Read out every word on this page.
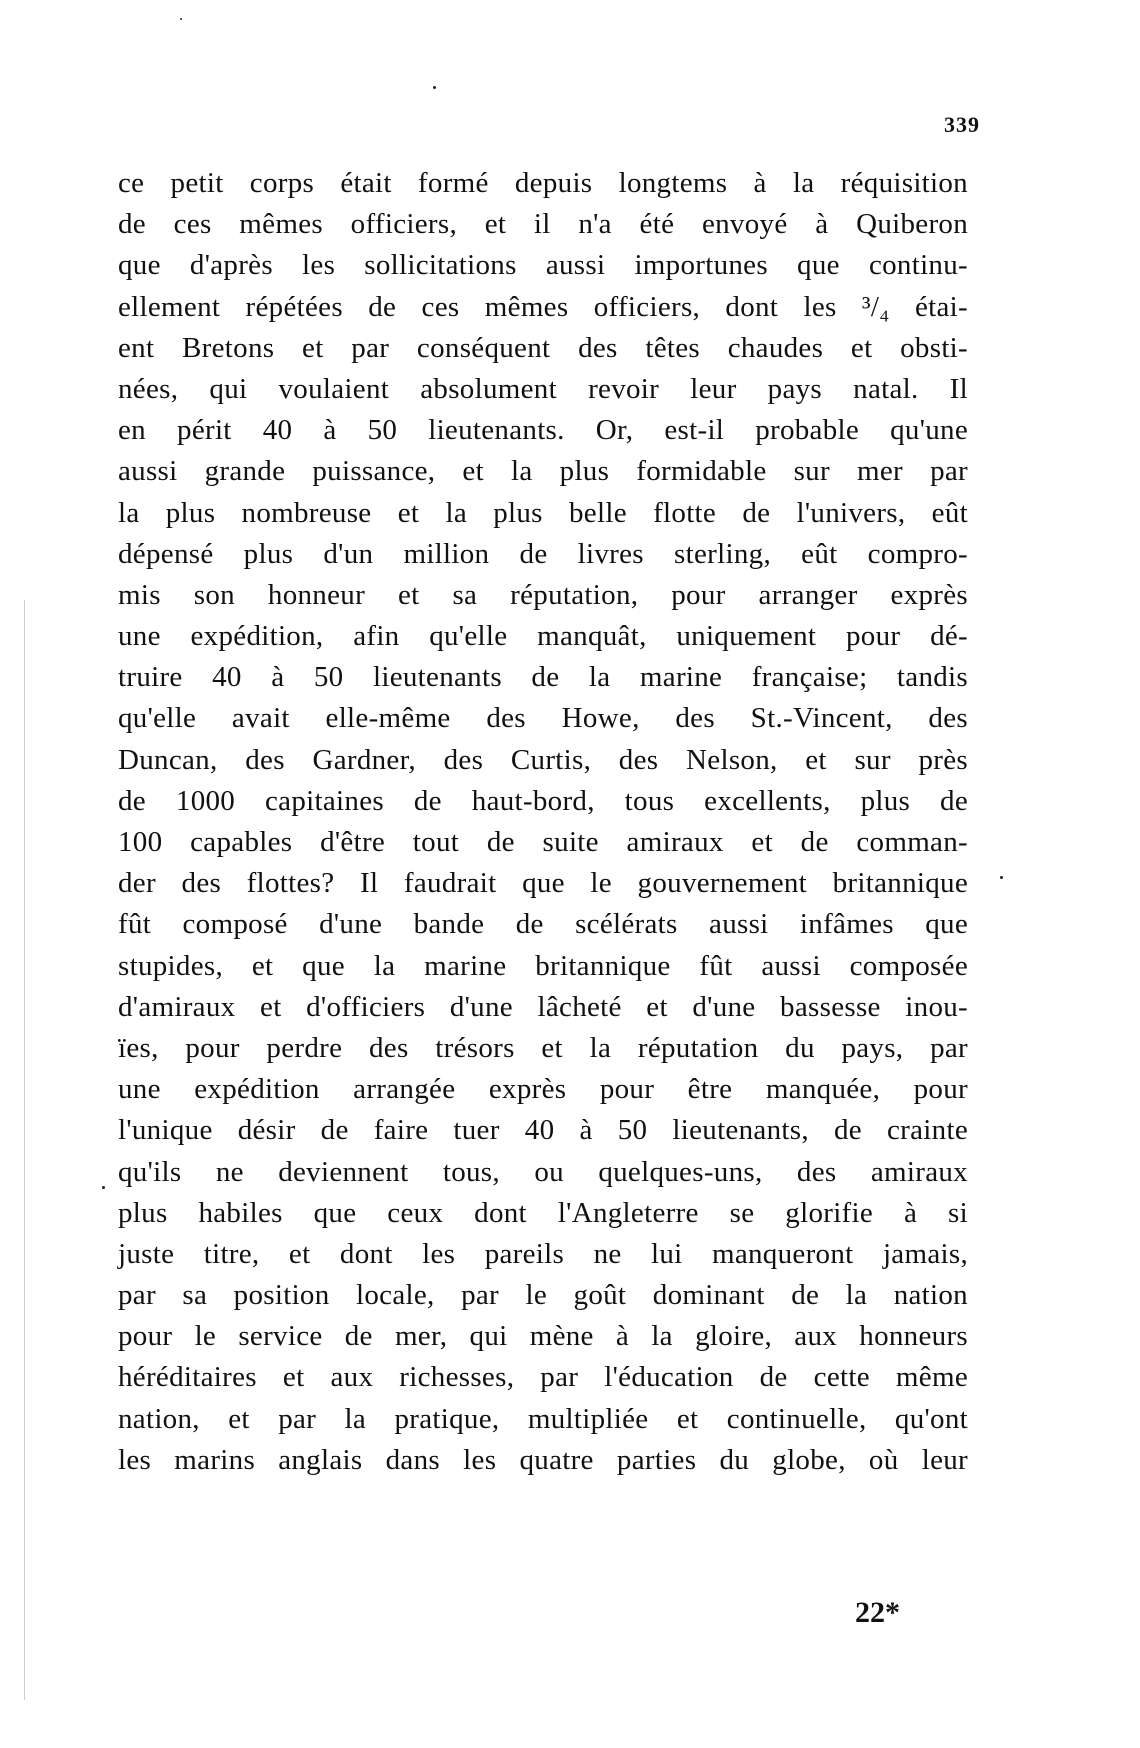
339
ce petit corps était formé depuis longtems à la réquisition
de ces mêmes officiers, et il n'a été envoyé à Quiberon
que d'après les sollicitations aussi importunes que continu-
ellement répétées de ces mêmes officiers, dont les ³/₄ étai-
ent Bretons et par conséquent des têtes chaudes et obsti-
nées, qui voulaient absolument revoir leur pays natal. Il
en périt 40 à 50 lieutenants. Or, est-il probable qu'une
aussi grande puissance, et la plus formidable sur mer par
la plus nombreuse et la plus belle flotte de l'univers, eût
dépensé plus d'un million de livres sterling, eût compro-
mis son honneur et sa réputation, pour arranger exprès
une expédition, afin qu'elle manquât, uniquement pour dé-
truire 40 à 50 lieutenants de la marine française; tandis
qu'elle avait elle-même des Howe, des St.-Vincent, des
Duncan, des Gardner, des Curtis, des Nelson, et sur près
de 1000 capitaines de haut-bord, tous excellents, plus de
100 capables d'être tout de suite amiraux et de comman-
der des flottes? Il faudrait que le gouvernement britannique
fût composé d'une bande de scélérats aussi infâmes que
stupides, et que la marine britannique fût aussi composée
d'amiraux et d'officiers d'une lâcheté et d'une bassesse inou-
ïes, pour perdre des trésors et la réputation du pays, par
une expédition arrangée exprès pour être manquée, pour
l'unique désir de faire tuer 40 à 50 lieutenants, de crainte
qu'ils ne deviennent tous, ou quelques-uns, des amiraux
plus habiles que ceux dont l'Angleterre se glorifie à si
juste titre, et dont les pareils ne lui manqueront jamais,
par sa position locale, par le goût dominant de la nation
pour le service de mer, qui mène à la gloire, aux honneurs
héréditaires et aux richesses, par l'éducation de cette même
nation, et par la pratique, multipliée et continuelle, qu'ont
les marins anglais dans les quatre parties du globe, où leur
22*
